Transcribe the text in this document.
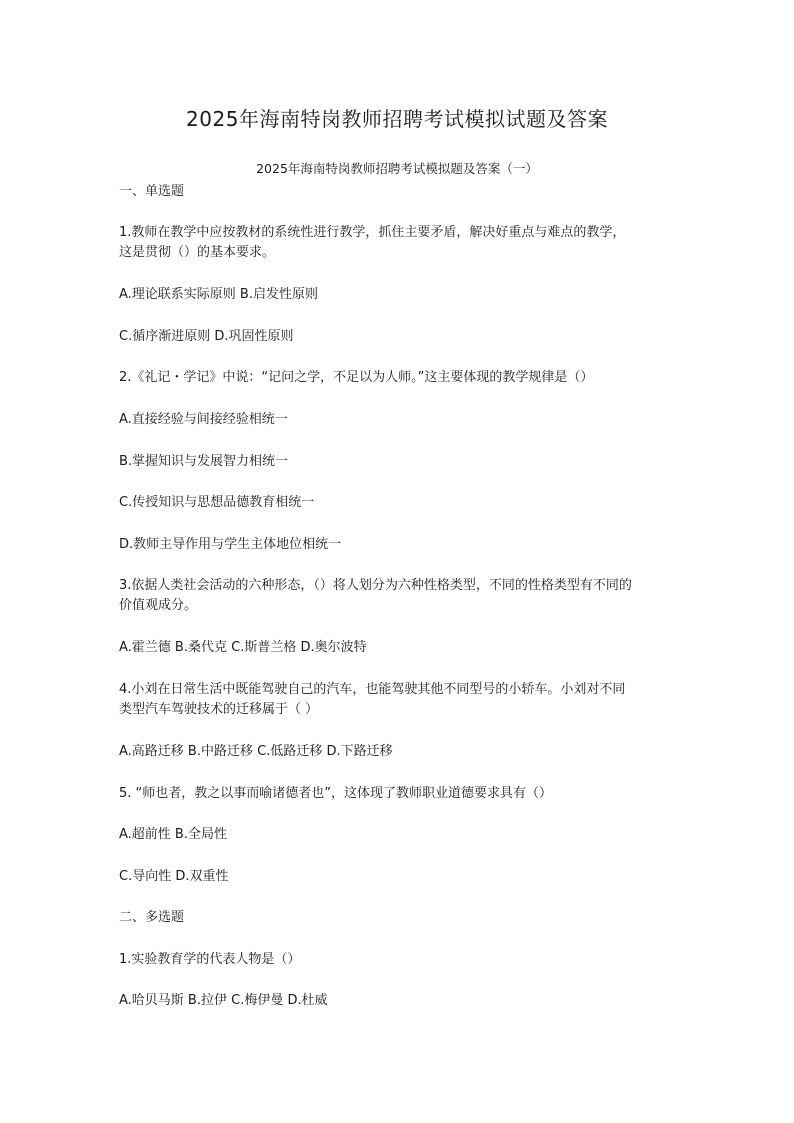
2025年海南特岗教师招聘考试模拟试题及答案
2025年海南特岗教师招聘考试模拟题及答案（一）
一、单选题
1.教师在教学中应按教材的系统性进行教学，抓住主要矛盾，解决好重点与难点的教学，
这是贯彻（）的基本要求。
A.理论联系实际原则 B.启发性原则
C.循序渐进原则 D.巩固性原则
2.《礼记・学记》中说：“记问之学，不足以为人师。”这主要体现的教学规律是（）
A.直接经验与间接经验相统一
B.掌握知识与发展智力相统一
C.传授知识与思想品德教育相统一
D.教师主导作用与学生主体地位相统一
3.依据人类社会活动的六种形态，（）将人划分为六种性格类型，不同的性格类型有不同的
价值观成分。
A.霍兰德 B.桑代克 C.斯普兰格 D.奥尔波特
4.小刘在日常生活中既能驾驶自己的汽车，也能驾驶其他不同型号的小轿车。小刘对不同
类型汽车驾驶技术的迁移属于（ ）
A.高路迁移 B.中路迁移 C.低路迁移 D.下路迁移
5. “师也者，教之以事而喻诸德者也”，这体现了教师职业道德要求具有（）
A.超前性 B.全局性
C.导向性 D.双重性
二、多选题
1.实验教育学的代表人物是（）
A.哈贝马斯 B.拉伊 C.梅伊曼 D.杜威
